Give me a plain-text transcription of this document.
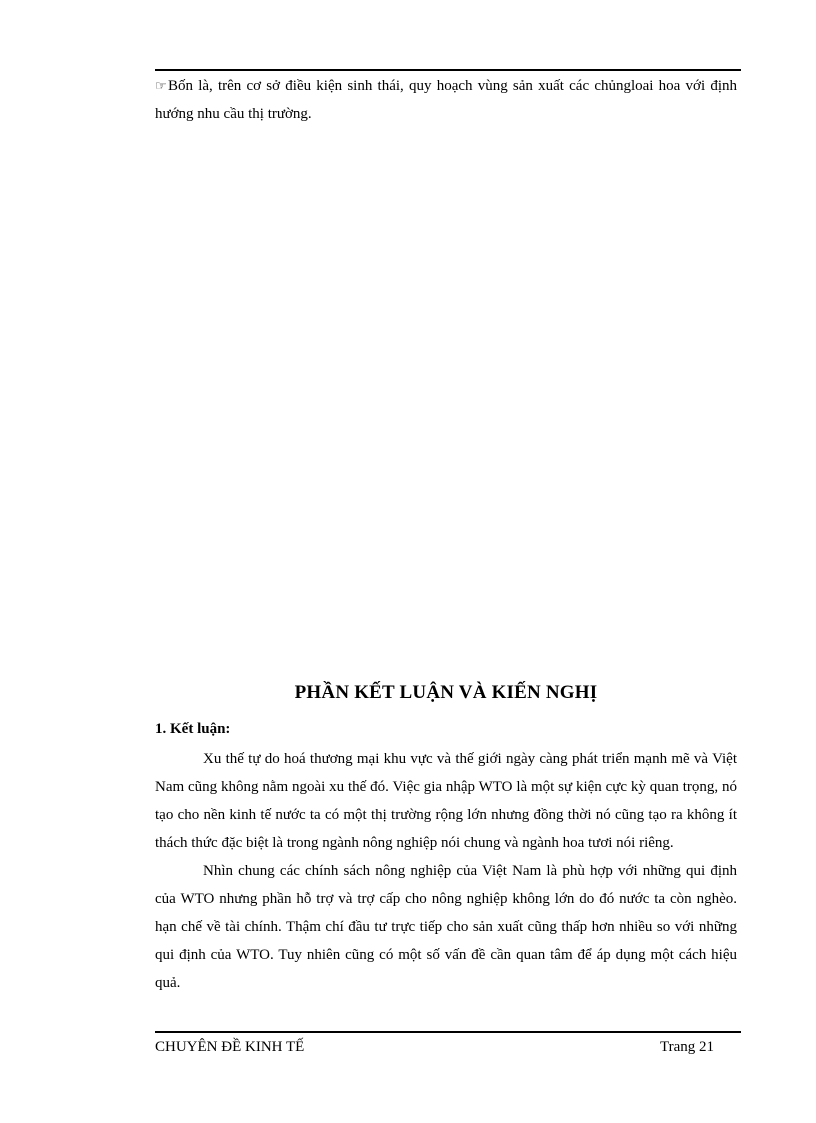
☞Bốn là, trên cơ sở điều kiện sinh thái, quy hoạch vùng sản xuất các chủngloai hoa với định hướng nhu cầu thị trường.
PHẦN KẾT LUẬN VÀ KIẾN NGHỊ
1. Kết luận:

Xu thế tự do hoá thương mại khu vực và thế giới ngày càng phát triển mạnh mẽ và Việt Nam cũng không nằm ngoài xu thế đó. Việc gia nhập WTO là một sự kiện cực kỳ quan trọng, nó tạo cho nền kinh tế nước ta có một thị trường rộng lớn nhưng đồng thời nó cũng tạo ra không ít thách thức đặc biệt là trong ngành nông nghiệp nói chung và ngành hoa tươi nói riêng.

Nhìn chung các chính sách nông nghiệp của Việt Nam là phù hợp với những qui định của WTO nhưng phần hỗ trợ và trợ cấp cho nông nghiệp không lớn do đó nước ta còn nghèo. hạn chế về tài chính. Thậm chí đầu tư trực tiếp cho sản xuất cũng thấp hơn nhiều so với những qui định của WTO. Tuy nhiên cũng có một số vấn đề cần quan tâm để áp dụng một cách hiệu quả.

CHUYÊN ĐỀ KINH TẾ	Trang 21
